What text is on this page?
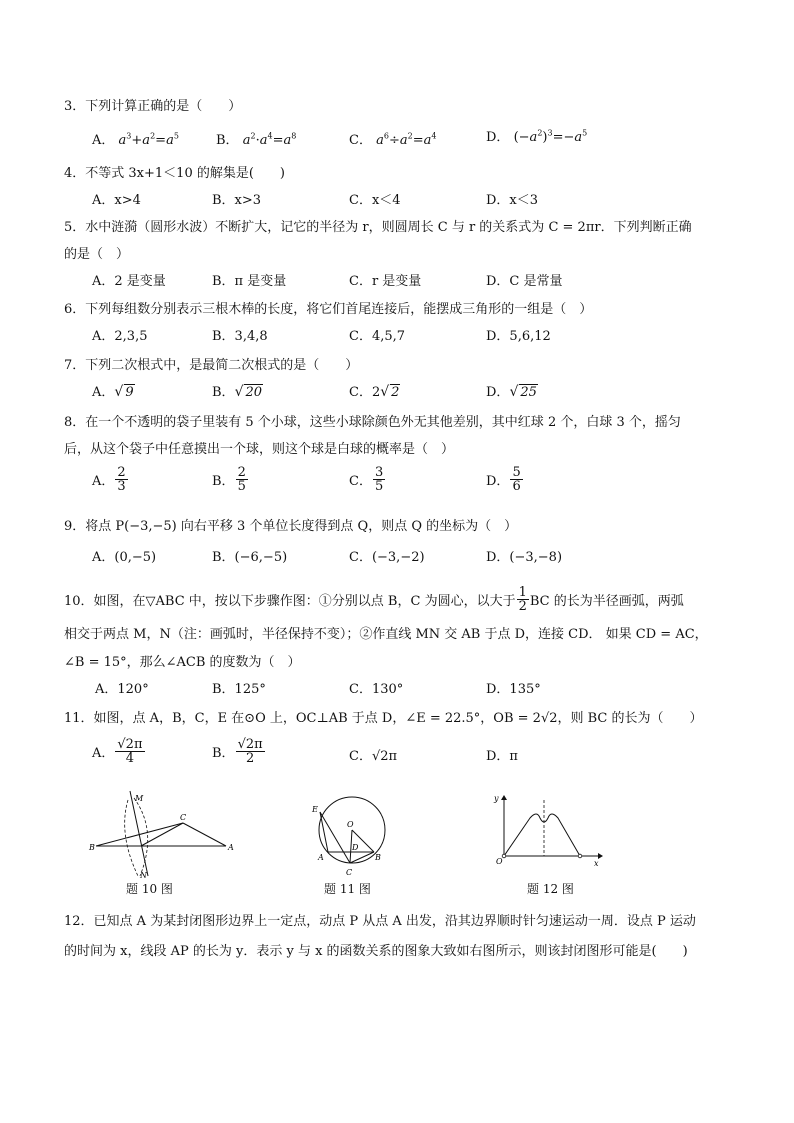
3．下列计算正确的是（　　）
A． $a^3+a^2=a^5$	B． $a^2\cdot a^4=a^8$	C． $a^6\div a^2=a^4$	D． $(-a^2)^3=-a^5$
4．不等式 3x+1＜10 的解集是(　　)
A．x>4	B．x>3	C．x＜4	D．x＜3
5．水中涟漪（圆形水波）不断扩大，记它的半径为 r，则圆周长 C 与 r 的关系式为 C = 2πr．下列判断正确
的是（　）
A．2 是变量	B．π 是变量	C．r 是变量	D．C 是常量
6．下列每组数分别表示三根木棒的长度，将它们首尾连接后，能摆成三角形的一组是（　）
A．2,3,5	B．3,4,8	C．4,5,7	D．5,6,12
7．下列二次根式中，是最简二次根式的是（　　）
A．√ 9	B．√ 20	C．2√ 2	D．√ 25
8．在一个不透明的袋子里装有 5 个小球，这些小球除颜色外无其他差别，其中红球 2 个，白球 3 个，摇匀
后，从这个袋子中任意摸出一个球，则这个球是白球的概率是（　）
A． $\frac{2}{3}$	B． $\frac{2}{5}$	C． $\frac{3}{5}$	D． $\frac{5}{6}$
9．将点 P(−3,−5) 向右平移 3 个单位长度得到点 Q，则点 Q 的坐标为（　）
A．(0,−5)	B．(−6,−5)	C．(−3,−2)	D．(−3,−8)
10．如图，在▽ABC 中，按以下步骤作图：①分别以点 B，C 为圆心，以大于 $\frac{1}{2}$ BC 的长为半径画弧，两弧
相交于两点 M，N（注：画弧时，半径保持不变）；②作直线 MN 交 AB 于点 D，连接 CD． 如果 CD = AC，
∠B = 15°，那么∠ACB 的度数为（　）
A．120°	B．125°	C．130°	D．135°
11．如图，点 A，B，C，E 在⊙O 上，OC⊥AB 于点 D，∠E = 22.5°，OB = 2√2，则 BC 的长为（　　）
A． $\frac{√2\pi}{4}$	B． $\frac{√2\pi}{2}$	C．√2π	D．π
M
N
C
B	A
题 10 图
E
O
A
D
B
C
题 11 图
y
x
O
题 12 图
12．已知点 A 为某封闭图形边界上一定点，动点 P 从点 A 出发，沿其边界顺时针匀速运动一周．设点 P 运动
的时间为 x，线段 AP 的长为 y．表示 y 与 x 的函数关系的图象大致如右图所示，则该封闭图形可能是(　　)
